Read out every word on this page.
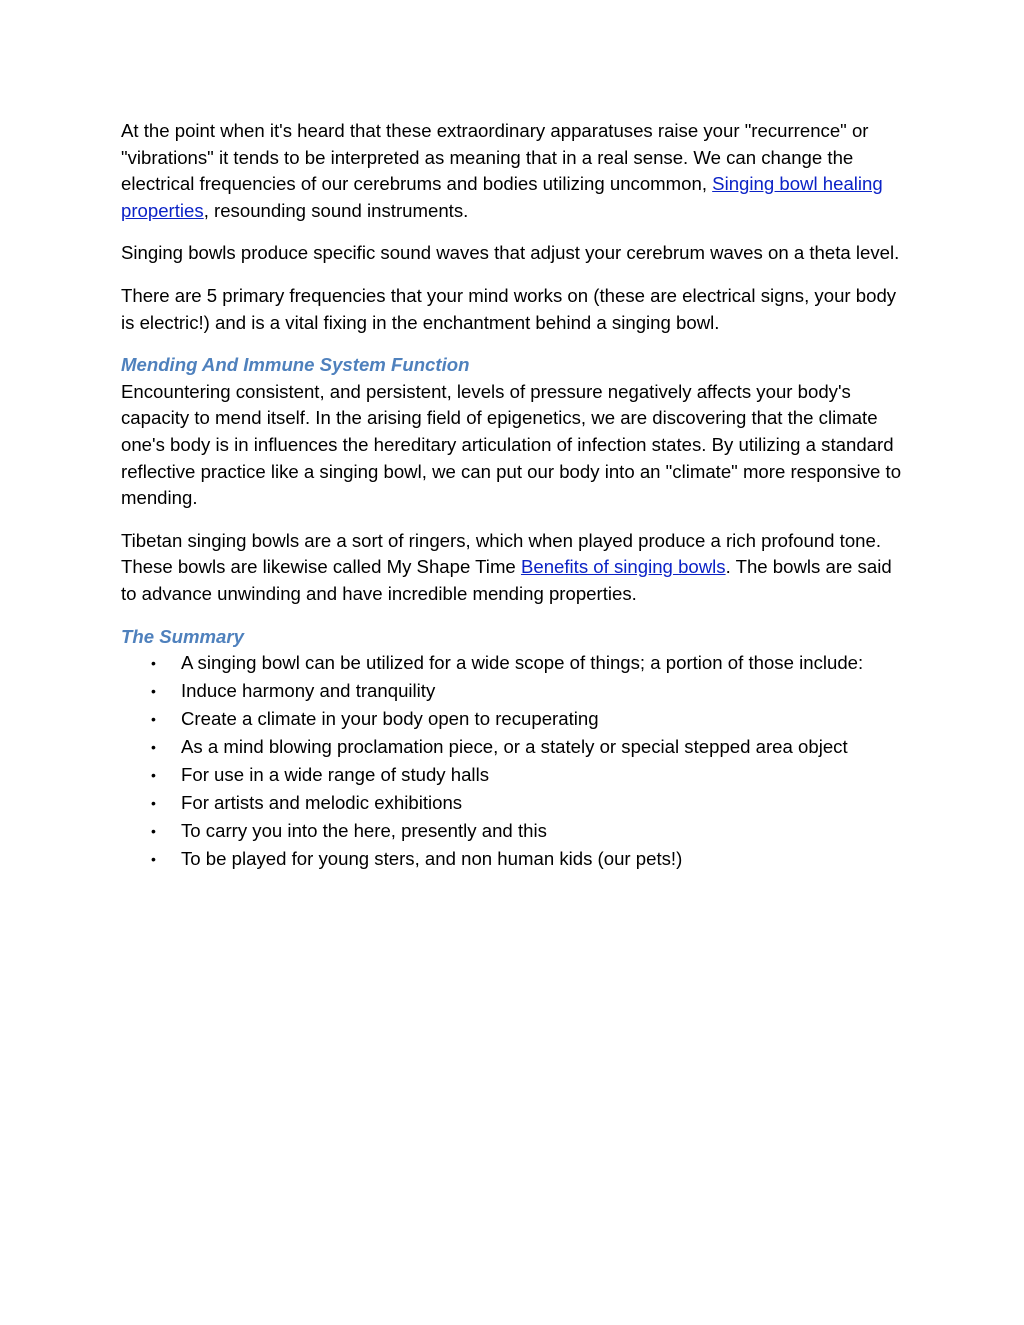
At the point when it's heard that these extraordinary apparatuses raise your "recurrence" or "vibrations" it tends to be interpreted as meaning that in a real sense. We can change the electrical frequencies of our cerebrums and bodies utilizing uncommon, Singing bowl healing properties, resounding sound instruments.

Singing bowls produce specific sound waves that adjust your cerebrum waves on a theta level.

There are 5 primary frequencies that your mind works on (these are electrical signs, your body is electric!) and is a vital fixing in the enchantment behind a singing bowl.

Mending And Immune System Function

Encountering consistent, and persistent, levels of pressure negatively affects your body's capacity to mend itself. In the arising field of epigenetics, we are discovering that the climate one's body is in influences the hereditary articulation of infection states. By utilizing a standard reflective practice like a singing bowl, we can put our body into an "climate" more responsive to mending.

Tibetan singing bowls are a sort of ringers, which when played produce a rich profound tone. These bowls are likewise called My Shape Time Benefits of singing bowls. The bowls are said to advance unwinding and have incredible mending properties.

The Summary
• A singing bowl can be utilized for a wide scope of things; a portion of those include:
• Induce harmony and tranquility
• Create a climate in your body open to recuperating
• As a mind blowing proclamation piece, or a stately or special stepped area object
• For use in a wide range of study halls
• For artists and melodic exhibitions
• To carry you into the here, presently and this
• To be played for young sters, and non human kids (our pets!)
